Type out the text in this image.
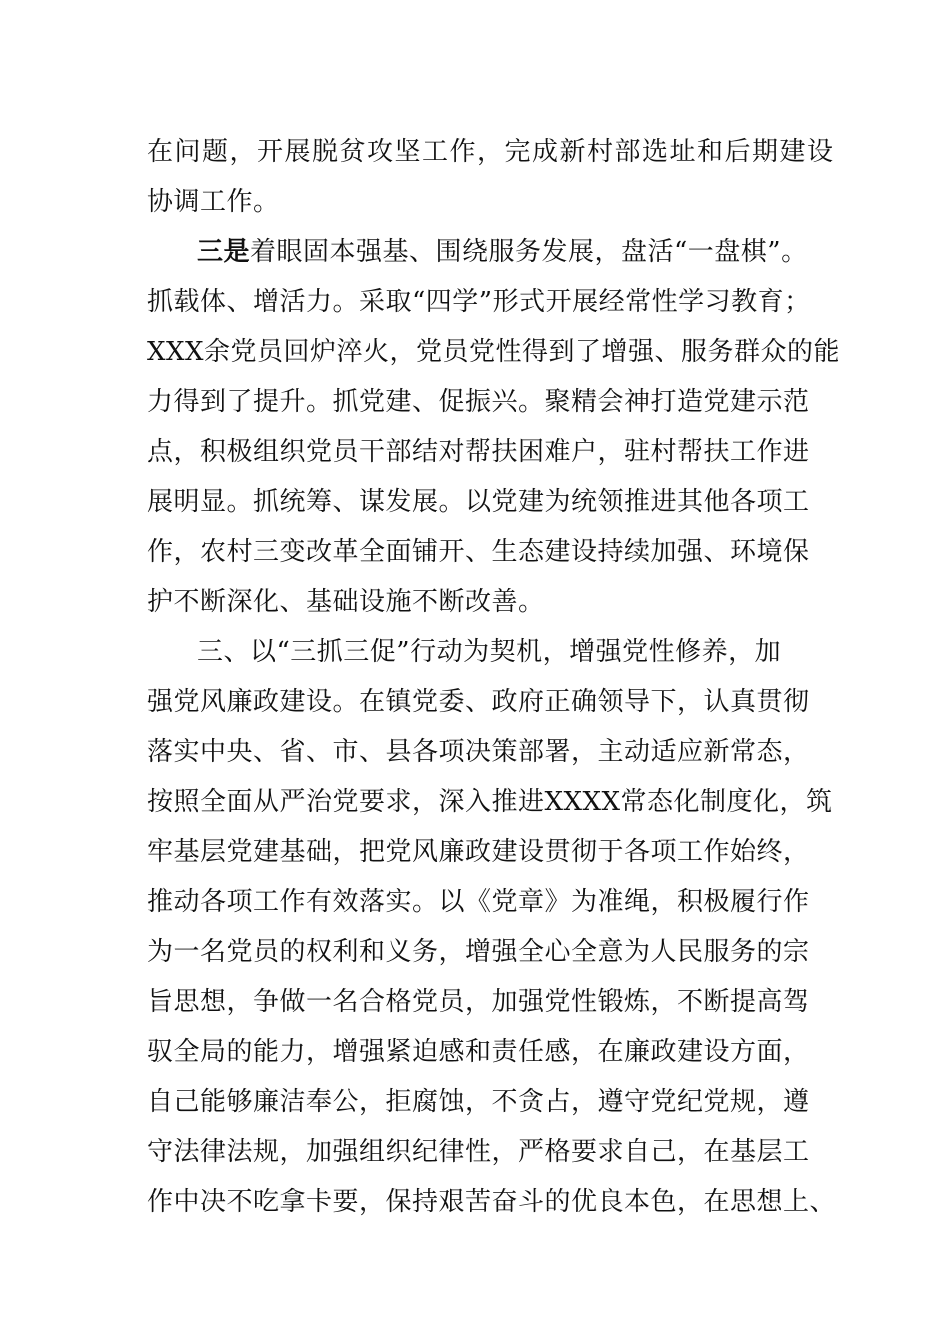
在问题，开展脱贫攻坚工作，完成新村部选址和后期建设
协调工作。
三是着眼固本强基、围绕服务发展，盘活“一盘棋”。
抓载体、增活力。采取“四学”形式开展经常性学习教育；
XXX余党员回炉淬火，党员党性得到了增强、服务群众的能
力得到了提升。抓党建、促振兴。聚精会神打造党建示范
点，积极组织党员干部结对帮扶困难户，驻村帮扶工作进
展明显。抓统筹、谋发展。以党建为统领推进其他各项工
作，农村三变改革全面铺开、生态建设持续加强、环境保
护不断深化、基础设施不断改善。
三、以“三抓三促”行动为契机，增强党性修养，加
强党风廉政建设。在镇党委、政府正确领导下，认真贯彻
落实中央、省、市、县各项决策部署，主动适应新常态，
按照全面从严治党要求，深入推进XXXX常态化制度化，筑
牢基层党建基础，把党风廉政建设贯彻于各项工作始终，
推动各项工作有效落实。以《党章》为准绳，积极履行作
为一名党员的权利和义务，增强全心全意为人民服务的宗
旨思想，争做一名合格党员，加强党性锻炼，不断提高驾
驭全局的能力，增强紧迫感和责任感，在廉政建设方面，
自己能够廉洁奉公，拒腐蚀，不贪占，遵守党纪党规，遵
守法律法规，加强组织纪律性，严格要求自己，在基层工
作中决不吃拿卡要，保持艰苦奋斗的优良本色，在思想上、
